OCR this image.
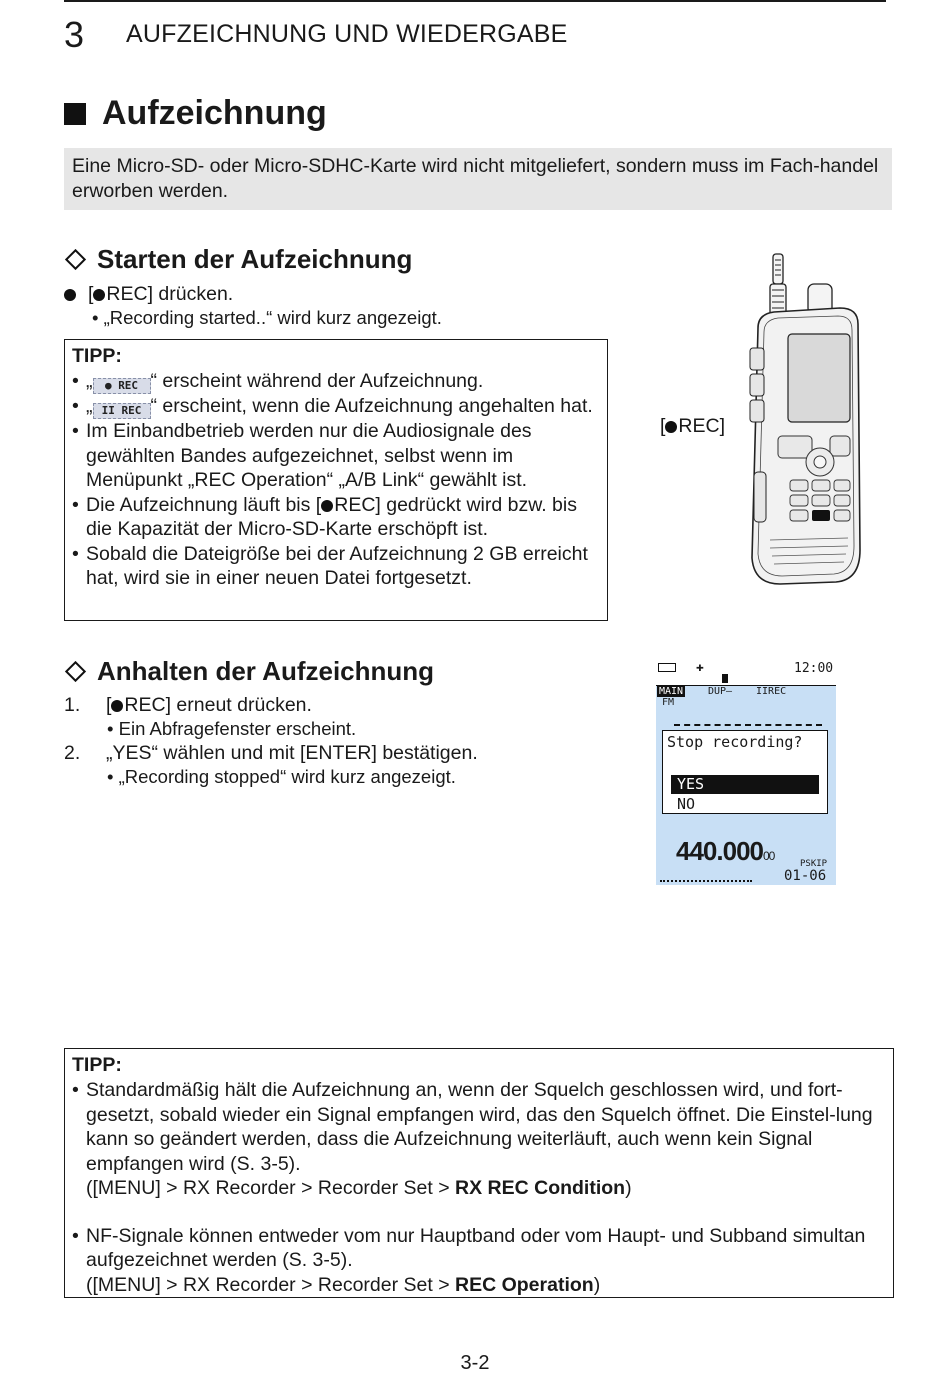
3 AUFZEICHNUNG UND WIEDERGABE
Aufzeichnung
Eine Micro-SD- oder Micro-SDHC-Karte wird nicht mitgeliefert, sondern muss im Fach-handel erworben werden.
Starten der Aufzeichnung
[ REC] drücken.
• „Recording started..“ wird kurz angezeigt.
TIPP:
• „ ● REC “ erscheint während der Aufzeichnung.
• „ II REC “ erscheint, wenn die Aufzeichnung angehalten hat.
• Im Einbandbetrieb werden nur die Audiosignale des gewählten Bandes aufgezeichnet, selbst wenn im Menüpunkt „REC Operation“ „A/B Link“ gewählt ist.
• Die Aufzeichnung läuft bis [ REC] gedrückt wird bzw. bis die Kapazität der Micro-SD-Karte erschöpft ist.
• Sobald die Dateigröße bei der Aufzeichnung 2 GB erreicht hat, wird sie in einer neuen Datei fortgesetzt.
[ REC]
Anhalten der Aufzeichnung
1. [ REC] erneut drücken.
• Ein Abfragefenster erscheint.
2. „YES“ wählen und mit [ENTER] bestätigen.
• „Recording stopped“ wird kurz angezeigt.
✚	12:00
MAIN DUP– IIREC
FM
Stop recording?
YES
NO
440.00000
PSKIP
01-06
TIPP:
• Standardmäßig hält die Aufzeichnung an, wenn der Squelch geschlossen wird, und fort-gesetzt, sobald wieder ein Signal empfangen wird, das den Squelch öffnet. Die Einstel-lung kann so geändert werden, dass die Aufzeichnung weiterläuft, auch wenn kein Signal empfangen wird (S. 3-5).
([MENU] > RX Recorder > Recorder Set > RX REC Condition)
• NF-Signale können entweder vom nur Hauptband oder vom Haupt- und Subband simultan aufgezeichnet werden (S. 3-5).
([MENU] > RX Recorder > Recorder Set > REC Operation)
3-2
